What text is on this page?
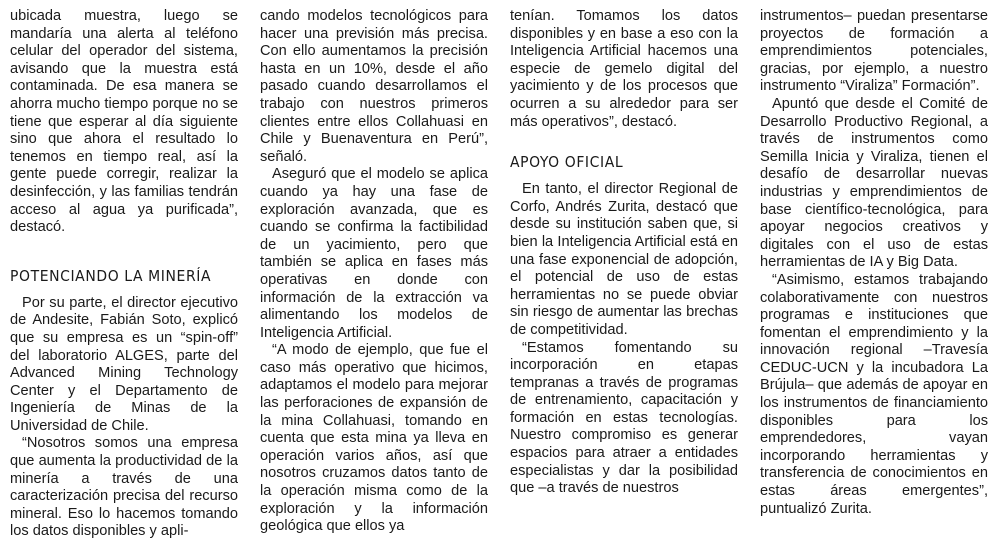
ubicada muestra, luego se mandaría una alerta al teléfono celular del operador del sistema, avisando que la muestra está contaminada. De esa manera se ahorra mucho tiempo porque no se tiene que esperar al día siguiente sino que ahora el resultado lo tenemos en tiempo real, así la gente puede corregir, realizar la desinfección, y las familias tendrán acceso al agua ya purificada”, destacó.

POTENCIANDO LA MINERÍA

Por su parte, el director ejecutivo de Andesite, Fabián Soto, explicó que su empresa es un “spin-off” del laboratorio ALGES, parte del Advanced Mining Technology Center y el Departamento de Ingeniería de Minas de la Universidad de Chile.

“Nosotros somos una empresa que aumenta la productividad de la minería a través de una caracterización precisa del recurso mineral. Eso lo hacemos tomando los datos disponibles y apli-

cando modelos tecnológicos para hacer una previsión más precisa. Con ello aumentamos la precisión hasta en un 10%, desde el año pasado cuando desarrollamos el trabajo con nuestros primeros clientes entre ellos Collahuasi en Chile y Buenaventura en Perú”, señaló.

Aseguró que el modelo se aplica cuando ya hay una fase de exploración avanzada, que es cuando se confirma la factibilidad de un yacimiento, pero que también se aplica en fases más operativas en donde con información de la extracción va alimentando los modelos de Inteligencia Artificial.

“A modo de ejemplo, que fue el caso más operativo que hicimos, adaptamos el modelo para mejorar las perforaciones de expansión de la mina Collahuasi, tomando en cuenta que esta mina ya lleva en operación varios años, así que nosotros cruzamos datos tanto de la operación misma como de la exploración y la información geológica que ellos ya

tenían. Tomamos los datos disponibles y en base a eso con la Inteligencia Artificial hacemos una especie de gemelo digital del yacimiento y de los procesos que ocurren a su alrededor para ser más operativos”, destacó.

APOYO OFICIAL

En tanto, el director Regional de Corfo, Andrés Zurita, destacó que desde su institución saben que, si bien la Inteligencia Artificial está en una fase exponencial de adopción, el potencial de uso de estas herramientas no se puede obviar sin riesgo de aumentar las brechas de competitividad.

“Estamos fomentando su incorporación en etapas tempranas a través de programas de entrenamiento, capacitación y formación en estas tecnologías. Nuestro compromiso es generar espacios para atraer a entidades especialistas y dar la posibilidad que –a través de nuestros

instrumentos– puedan presentarse proyectos de formación a emprendimientos potenciales, gracias, por ejemplo, a nuestro instrumento “Viraliza” Formación”.

Apuntó que desde el Comité de Desarrollo Productivo Regional, a través de instrumentos como Semilla Inicia y Viraliza, tienen el desafío de desarrollar nuevas industrias y emprendimientos de base científico-tecnológica, para apoyar negocios creativos y digitales con el uso de estas herramientas de IA y Big Data.

“Asimismo, estamos trabajando colaborativamente con nuestros programas e instituciones que fomentan el emprendimiento y la innovación regional –Travesía CEDUC-UCN y la incubadora La Brújula– que además de apoyar en los instrumentos de financiamiento disponibles para los emprendedores, vayan incorporando herramientas y transferencia de conocimientos en estas áreas emergentes”, puntualizó Zurita.
